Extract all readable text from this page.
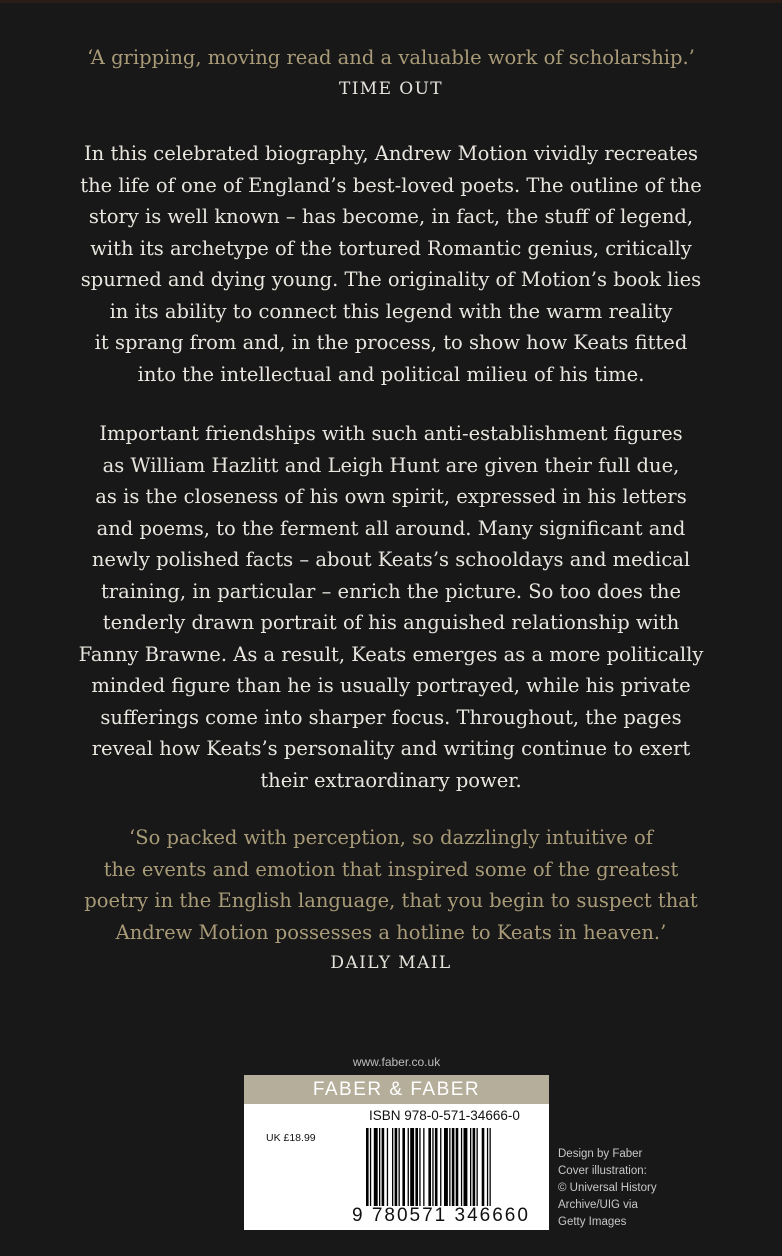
‘A gripping, moving read and a valuable work of scholarship.’

TIME OUT

In this celebrated biography, Andrew Motion vividly recreates

the life of one of England’s best-loved poets. The outline of the

story is well known – has become, in fact, the stuff of legend,

with its archetype of the tortured Romantic genius, critically

spurned and dying young. The originality of Motion’s book lies

in its ability to connect this legend with the warm reality

it sprang from and, in the process, to show how Keats fitted

into the intellectual and political milieu of his time.

Important friendships with such anti-establishment figures

as William Hazlitt and Leigh Hunt are given their full due,

as is the closeness of his own spirit, expressed in his letters

and poems, to the ferment all around. Many significant and

newly polished facts – about Keats’s schooldays and medical

training, in particular – enrich the picture. So too does the

tenderly drawn portrait of his anguished relationship with

Fanny Brawne. As a result, Keats emerges as a more politically

minded figure than he is usually portrayed, while his private

sufferings come into sharper focus. Throughout, the pages

reveal how Keats’s personality and writing continue to exert

their extraordinary power.

‘So packed with perception, so dazzlingly intuitive of

the events and emotion that inspired some of the greatest

poetry in the English language, that you begin to suspect that

Andrew Motion possesses a hotline to Keats in heaven.’

DAILY MAIL

www.faber.co.uk
FABER & FABER
UK £18.99
ISBN 978-0-571-34666-0
9 780571 346660
Design by Faber
Cover illustration:
© Universal History
Archive/UIG via
Getty Images
